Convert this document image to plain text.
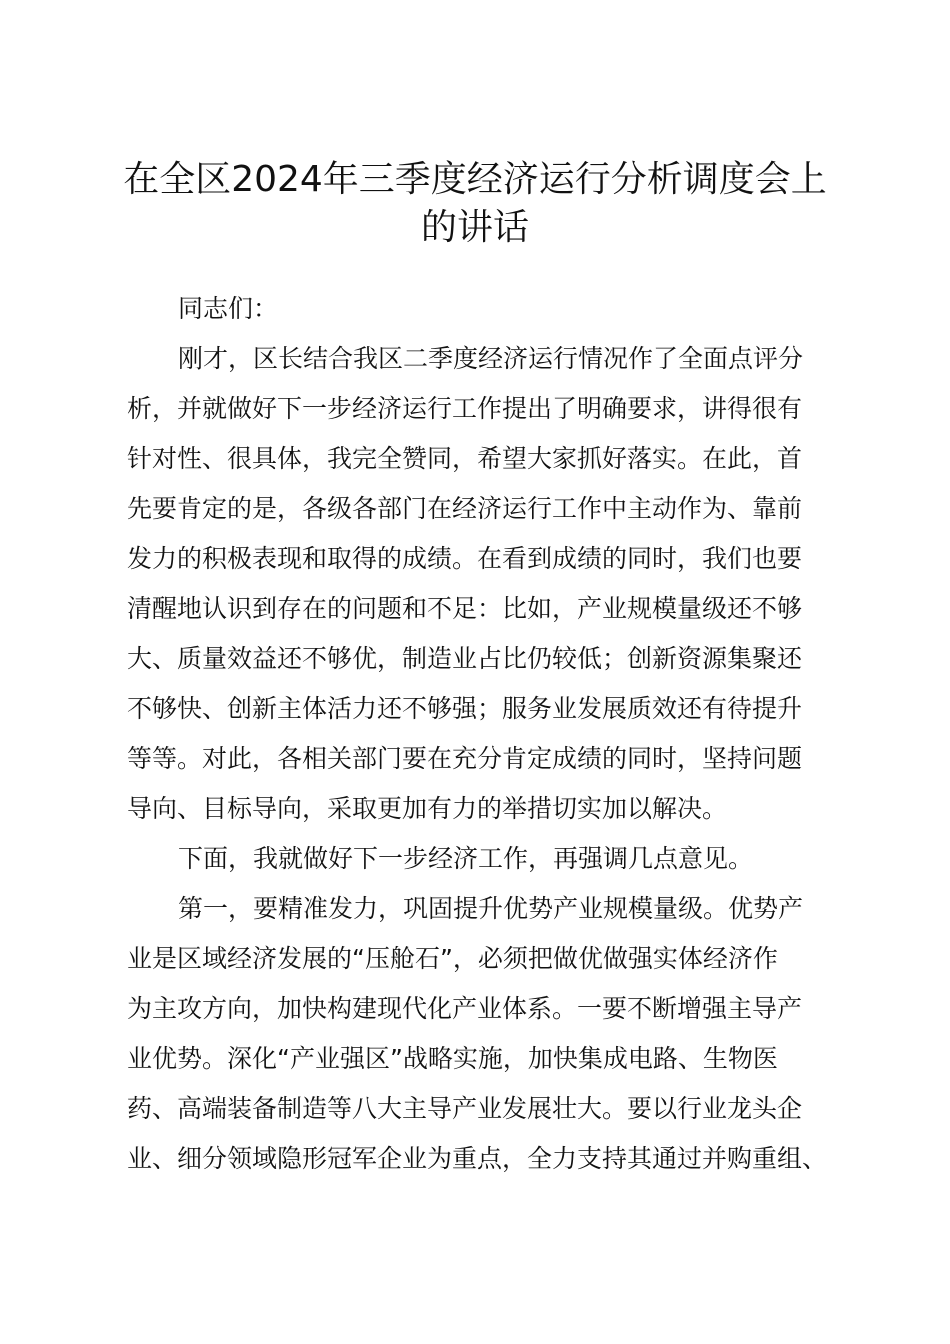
在全区2024年三季度经济运行分析调度会上
的讲话
同志们：
刚才，区长结合我区二季度经济运行情况作了全面点评分
析，并就做好下一步经济运行工作提出了明确要求，讲得很有
针对性、很具体，我完全赞同，希望大家抓好落实。在此，首
先要肯定的是，各级各部门在经济运行工作中主动作为、靠前
发力的积极表现和取得的成绩。在看到成绩的同时，我们也要
清醒地认识到存在的问题和不足：比如，产业规模量级还不够
大、质量效益还不够优，制造业占比仍较低；创新资源集聚还
不够快、创新主体活力还不够强；服务业发展质效还有待提升
等等。对此，各相关部门要在充分肯定成绩的同时，坚持问题
导向、目标导向，采取更加有力的举措切实加以解决。
下面，我就做好下一步经济工作，再强调几点意见。
第一，要精准发力，巩固提升优势产业规模量级。优势产
业是区域经济发展的“压舱石”，必须把做优做强实体经济作
为主攻方向，加快构建现代化产业体系。一要不断增强主导产
业优势。深化“产业强区”战略实施，加快集成电路、生物医
药、高端装备制造等八大主导产业发展壮大。要以行业龙头企
业、细分领域隐形冠军企业为重点，全力支持其通过并购重组、
